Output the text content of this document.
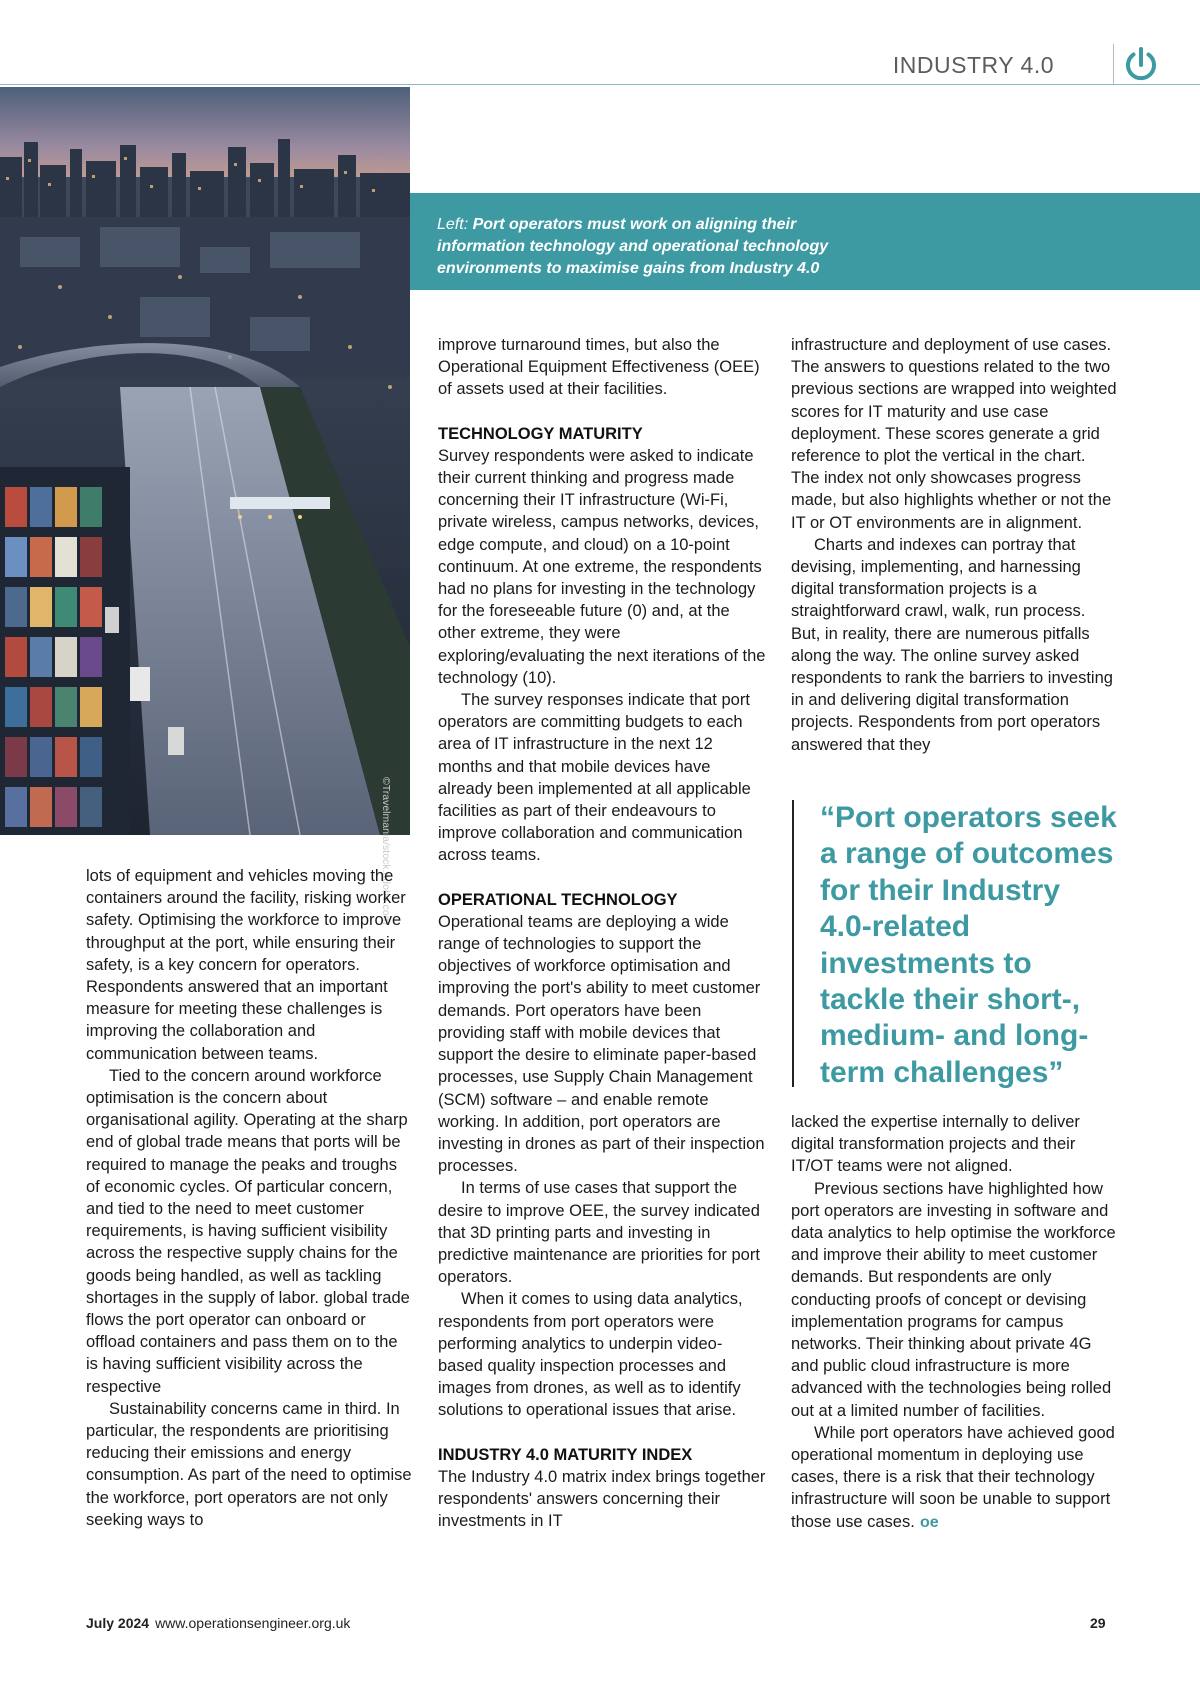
INDUSTRY 4.0
©Travelmania/stock.adobe.com

Left: Port operators must work on aligning their information technology and operational technology environments to maximise gains from Industry 4.0

lots of equipment and vehicles moving the containers around the facility, risking worker safety. Optimising the workforce to improve throughput at the port, while ensuring their safety, is a key concern for operators. Respondents answered that an important measure for meeting these challenges is improving the collaboration and communication between teams.

Tied to the concern around workforce optimisation is the concern about organisational agility. Operating at the sharp end of global trade means that ports will be required to manage the peaks and troughs of economic cycles. Of particular concern, and tied to the need to meet customer requirements, is having sufficient visibility across the respective supply chains for the goods being handled, as well as tackling shortages in the supply of labor. global trade flows the port operator can onboard or offload containers and pass them on to the is having sufficient visibility across the respective

Sustainability concerns came in third. In particular, the respondents are prioritising reducing their emissions and energy consumption. As part of the need to optimise the workforce, port operators are not only seeking ways to

improve turnaround times, but also the Operational Equipment Effectiveness (OEE) of assets used at their facilities.

TECHNOLOGY MATURITY

Survey respondents were asked to indicate their current thinking and progress made concerning their IT infrastructure (Wi-Fi, private wireless, campus networks, devices, edge compute, and cloud) on a 10-point continuum. At one extreme, the respondents had no plans for investing in the technology for the foreseeable future (0) and, at the other extreme, they were exploring/evaluating the next iterations of the technology (10).

The survey responses indicate that port operators are committing budgets to each area of IT infrastructure in the next 12 months and that mobile devices have already been implemented at all applicable facilities as part of their endeavours to improve collaboration and communication across teams.

OPERATIONAL TECHNOLOGY

Operational teams are deploying a wide range of technologies to support the objectives of workforce optimisation and improving the port's ability to meet customer demands. Port operators have been providing staff with mobile devices that support the desire to eliminate paper-based processes, use Supply Chain Management (SCM) software – and enable remote working. In addition, port operators are investing in drones as part of their inspection processes.

In terms of use cases that support the desire to improve OEE, the survey indicated that 3D printing parts and investing in predictive maintenance are priorities for port operators.

When it comes to using data analytics, respondents from port operators were performing analytics to underpin video-based quality inspection processes and images from drones, as well as to identify solutions to operational issues that arise.

INDUSTRY 4.0 MATURITY INDEX

The Industry 4.0 matrix index brings together respondents' answers concerning their investments in IT

infrastructure and deployment of use cases. The answers to questions related to the two previous sections are wrapped into weighted scores for IT maturity and use case deployment. These scores generate a grid reference to plot the vertical in the chart. The index not only showcases progress made, but also highlights whether or not the IT or OT environments are in alignment.

Charts and indexes can portray that devising, implementing, and harnessing digital transformation projects is a straightforward crawl, walk, run process. But, in reality, there are numerous pitfalls along the way. The online survey asked respondents to rank the barriers to investing in and delivering digital transformation projects. Respondents from port operators answered that they

“Port operators seek a range of outcomes for their Industry 4.0-related investments to tackle their short-, medium- and long-term challenges”

lacked the expertise internally to deliver digital transformation projects and their IT/OT teams were not aligned.

Previous sections have highlighted how port operators are investing in software and data analytics to help optimise the workforce and improve their ability to meet customer demands. But respondents are only conducting proofs of concept or devising implementation programs for campus networks. Their thinking about private 4G and public cloud infrastructure is more advanced with the technologies being rolled out at a limited number of facilities.

While port operators have achieved good operational momentum in deploying use cases, there is a risk that their technology infrastructure will soon be unable to support those use cases. oe

July 2024 www.operationsengineer.org.uk	29
